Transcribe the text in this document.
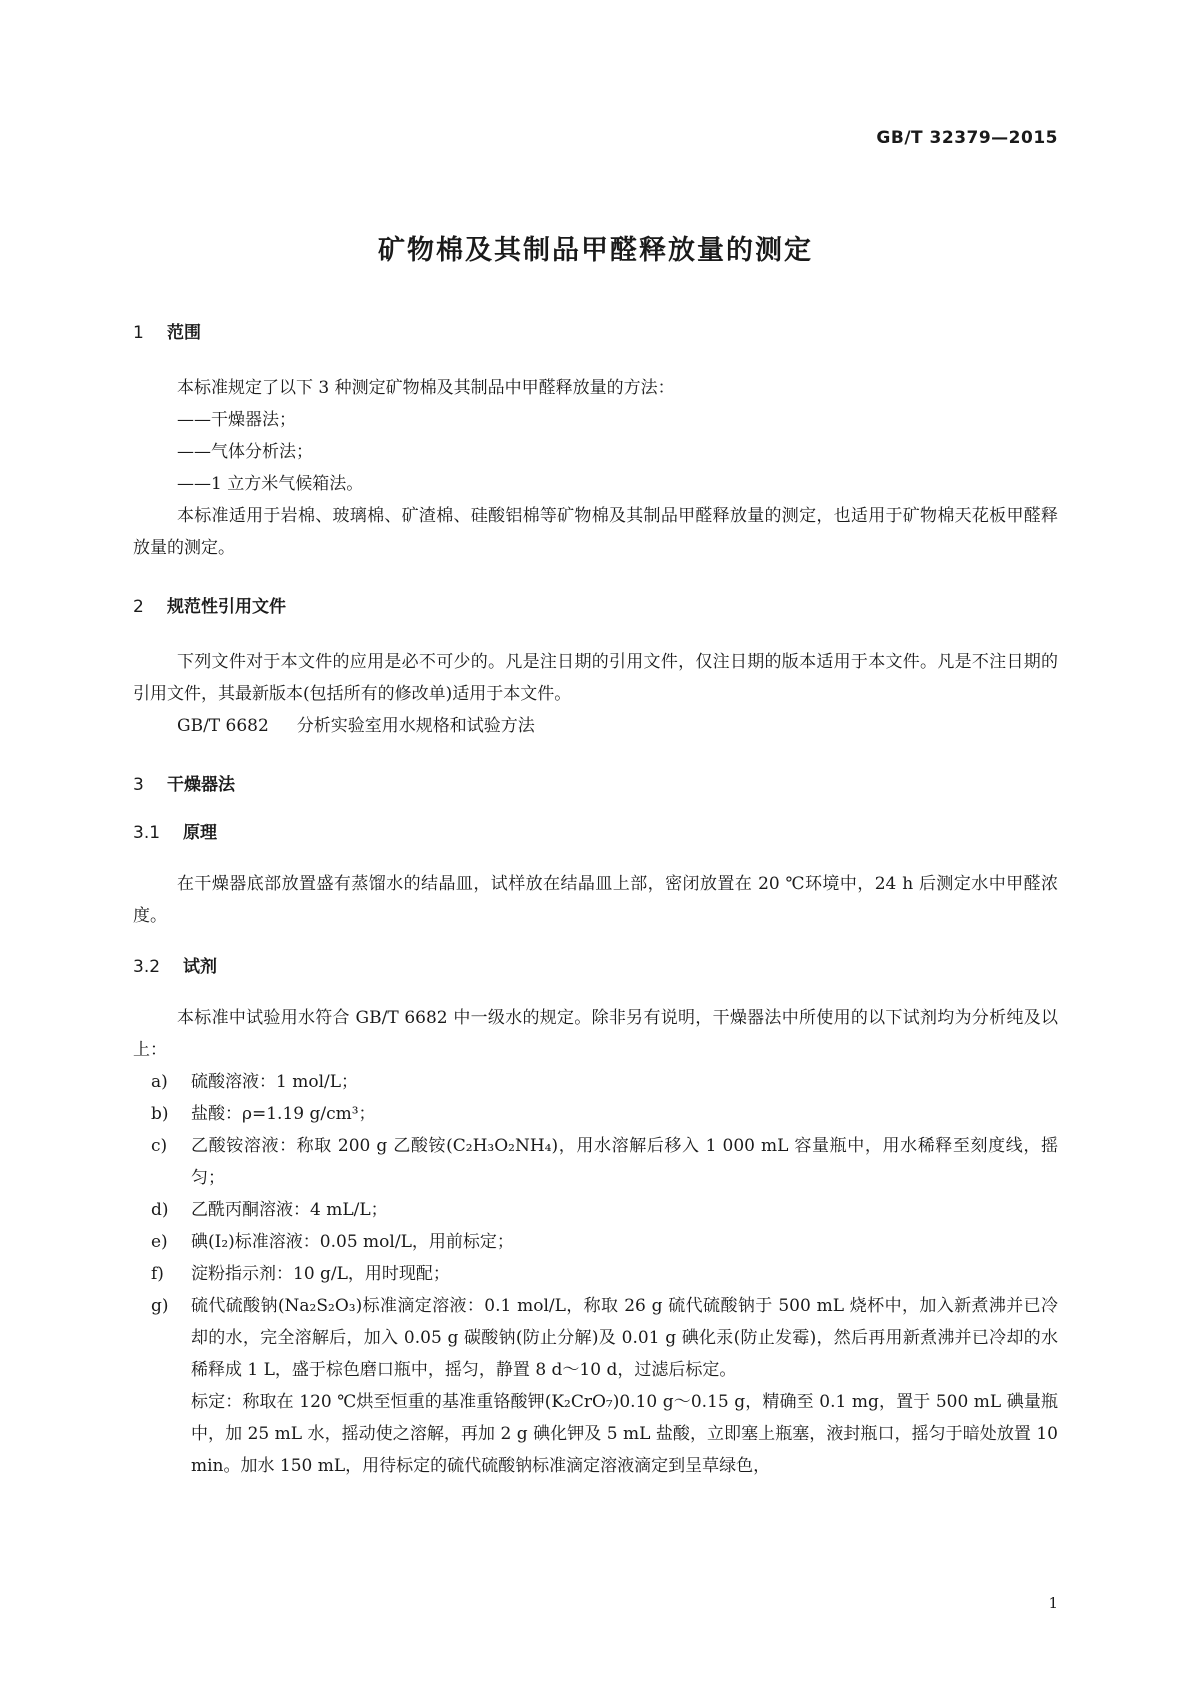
GB/T 32379—2015
矿物棉及其制品甲醛释放量的测定
1 范围

本标准规定了以下 3 种测定矿物棉及其制品中甲醛释放量的方法：

——干燥器法；

——气体分析法；

——1 立方米气候箱法。

本标准适用于岩棉、玻璃棉、矿渣棉、硅酸铝棉等矿物棉及其制品甲醛释放量的测定，也适用于矿物棉天花板甲醛释放量的测定。

2 规范性引用文件

下列文件对于本文件的应用是必不可少的。凡是注日期的引用文件，仅注日期的版本适用于本文件。凡是不注日期的引用文件，其最新版本(包括所有的修改单)适用于本文件。

GB/T 6682 分析实验室用水规格和试验方法
3 干燥器法
3.1 原理

在干燥器底部放置盛有蒸馏水的结晶皿，试样放在结晶皿上部，密闭放置在 20 ℃环境中，24 h 后测定水中甲醛浓度。

3.2 试剂

本标准中试验用水符合 GB/T 6682 中一级水的规定。除非另有说明，干燥器法中所使用的以下试剂均为分析纯及以上：

a)	硫酸溶液：1 mol/L；
b)	盐酸：ρ=1.19 g/cm³；
c)	乙酸铵溶液：称取 200 g 乙酸铵(C₂H₃O₂NH₄)，用水溶解后移入 1 000 mL 容量瓶中，用水稀释至刻度线，摇匀；
d)	乙酰丙酮溶液：4 mL/L；
e)	碘(I₂)标准溶液：0.05 mol/L，用前标定；
f)	淀粉指示剂：10 g/L，用时现配；
g)	硫代硫酸钠(Na₂S₂O₃)标准滴定溶液：0.1 mol/L，称取 26 g 硫代硫酸钠于 500 mL 烧杯中，加入新煮沸并已冷却的水，完全溶解后，加入 0.05 g 碳酸钠(防止分解)及 0.01 g 碘化汞(防止发霉)，然后再用新煮沸并已冷却的水稀释成 1 L，盛于棕色磨口瓶中，摇匀，静置 8 d～10 d，过滤后标定。

标定：称取在 120 ℃烘至恒重的基准重铬酸钾(K₂CrO₇)0.10 g～0.15 g，精确至 0.1 mg，置于 500 mL 碘量瓶中，加 25 mL 水，摇动使之溶解，再加 2 g 碘化钾及 5 mL 盐酸，立即塞上瓶塞，液封瓶口，摇匀于暗处放置 10 min。加水 150 mL，用待标定的硫代硫酸钠标准滴定溶液滴定到呈草绿色，

1
